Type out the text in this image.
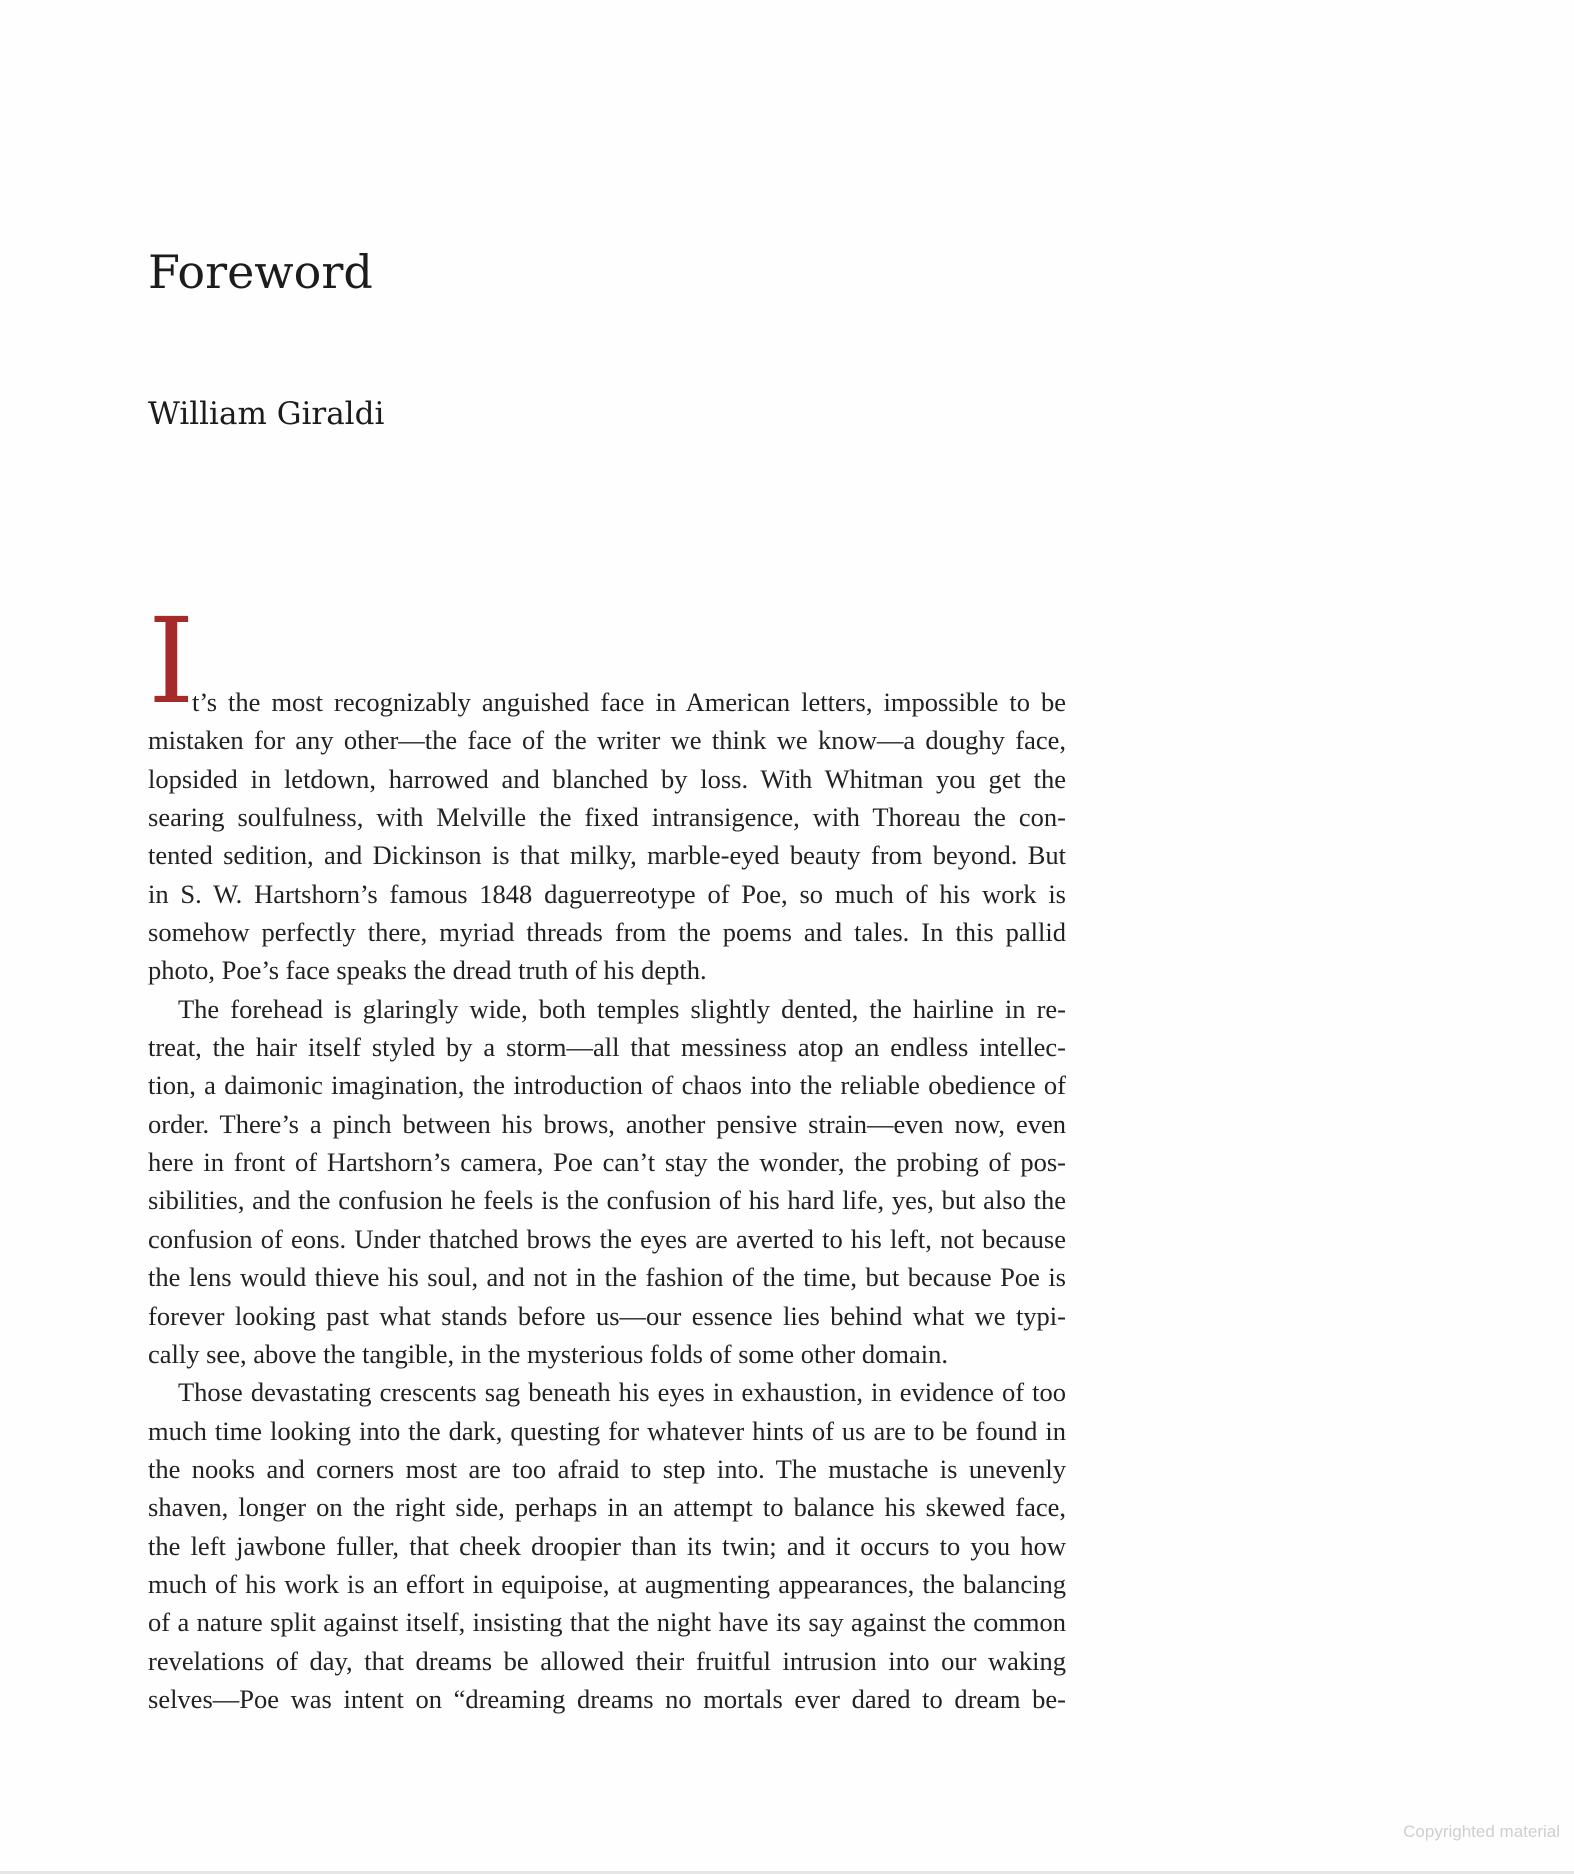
Foreword
William Giraldi
I
t’s the most recognizably anguished face in American letters, impossible to be
mistaken for any other—the face of the writer we think we know—a doughy face,
lopsided in letdown, harrowed and blanched by loss. With Whitman you get the
searing soulfulness, with Melville the fixed intransigence, with Thoreau the con-
tented sedition, and Dickinson is that milky, marble-eyed beauty from beyond. But
in S. W. Hartshorn’s famous 1848 daguerreotype of Poe, so much of his work is
somehow perfectly there, myriad threads from the poems and tales. In this pallid
photo, Poe’s face speaks the dread truth of his depth.
The forehead is glaringly wide, both temples slightly dented, the hairline in re-
treat, the hair itself styled by a storm—all that messiness atop an endless intellec-
tion, a daimonic imagination, the introduction of chaos into the reliable obedience of
order. There’s a pinch between his brows, another pensive strain—even now, even
here in front of Hartshorn’s camera, Poe can’t stay the wonder, the probing of pos-
sibilities, and the confusion he feels is the confusion of his hard life, yes, but also the
confusion of eons. Under thatched brows the eyes are averted to his left, not because
the lens would thieve his soul, and not in the fashion of the time, but because Poe is
forever looking past what stands before us—our essence lies behind what we typi-
cally see, above the tangible, in the mysterious folds of some other domain.
Those devastating crescents sag beneath his eyes in exhaustion, in evidence of too
much time looking into the dark, questing for whatever hints of us are to be found in
the nooks and corners most are too afraid to step into. The mustache is unevenly
shaven, longer on the right side, perhaps in an attempt to balance his skewed face,
the left jawbone fuller, that cheek droopier than its twin; and it occurs to you how
much of his work is an effort in equipoise, at augmenting appearances, the balancing
of a nature split against itself, insisting that the night have its say against the common
revelations of day, that dreams be allowed their fruitful intrusion into our waking
selves—Poe was intent on “dreaming dreams no mortals ever dared to dream be-
Copyrighted material
